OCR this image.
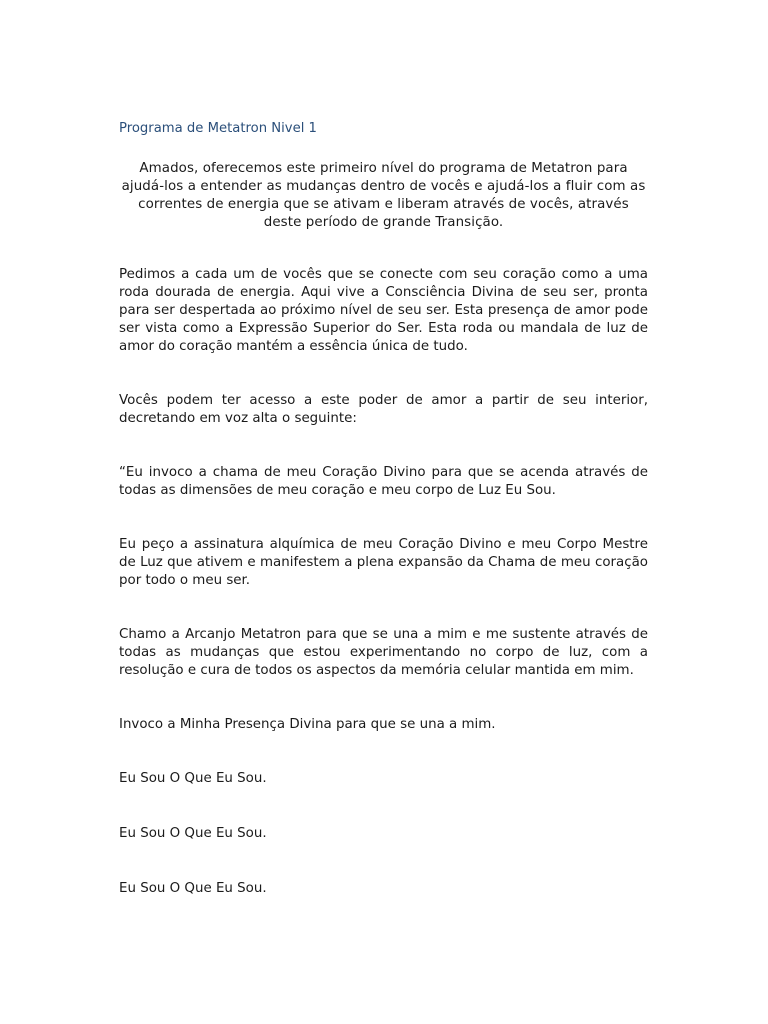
Programa de Metatron Nivel 1

Amados, oferecemos este primeiro nível do programa de Metatron para ajudá-los a entender as mudanças dentro de vocês e ajudá-los a fluir com as correntes de energia que se ativam e liberam através de vocês, através deste período de grande Transição.

Pedimos a cada um de vocês que se conecte com seu coração como a uma roda dourada de energia. Aqui vive a Consciência Divina de seu ser, pronta para ser despertada ao próximo nível de seu ser. Esta presença de amor pode ser vista como a Expressão Superior do Ser. Esta roda ou mandala de luz de amor do coração mantém a essência única de tudo.

Vocês podem ter acesso a este poder de amor a partir de seu interior, decretando em voz alta o seguinte:

“Eu invoco a chama de meu Coração Divino para que se acenda através de todas as dimensões de meu coração e meu corpo de Luz Eu Sou.

Eu peço a assinatura alquímica de meu Coração Divino e meu Corpo Mestre de Luz que ativem e manifestem a plena expansão da Chama de meu coração por todo o meu ser.

Chamo a Arcanjo Metatron para que se una a mim e me sustente através de todas as mudanças que estou experimentando no corpo de luz, com a resolução e cura de todos os aspectos da memória celular mantida em mim.

Invoco a Minha Presença Divina para que se una a mim.

Eu Sou O Que Eu Sou.

Eu Sou O Que Eu Sou.

Eu Sou O Que Eu Sou.
